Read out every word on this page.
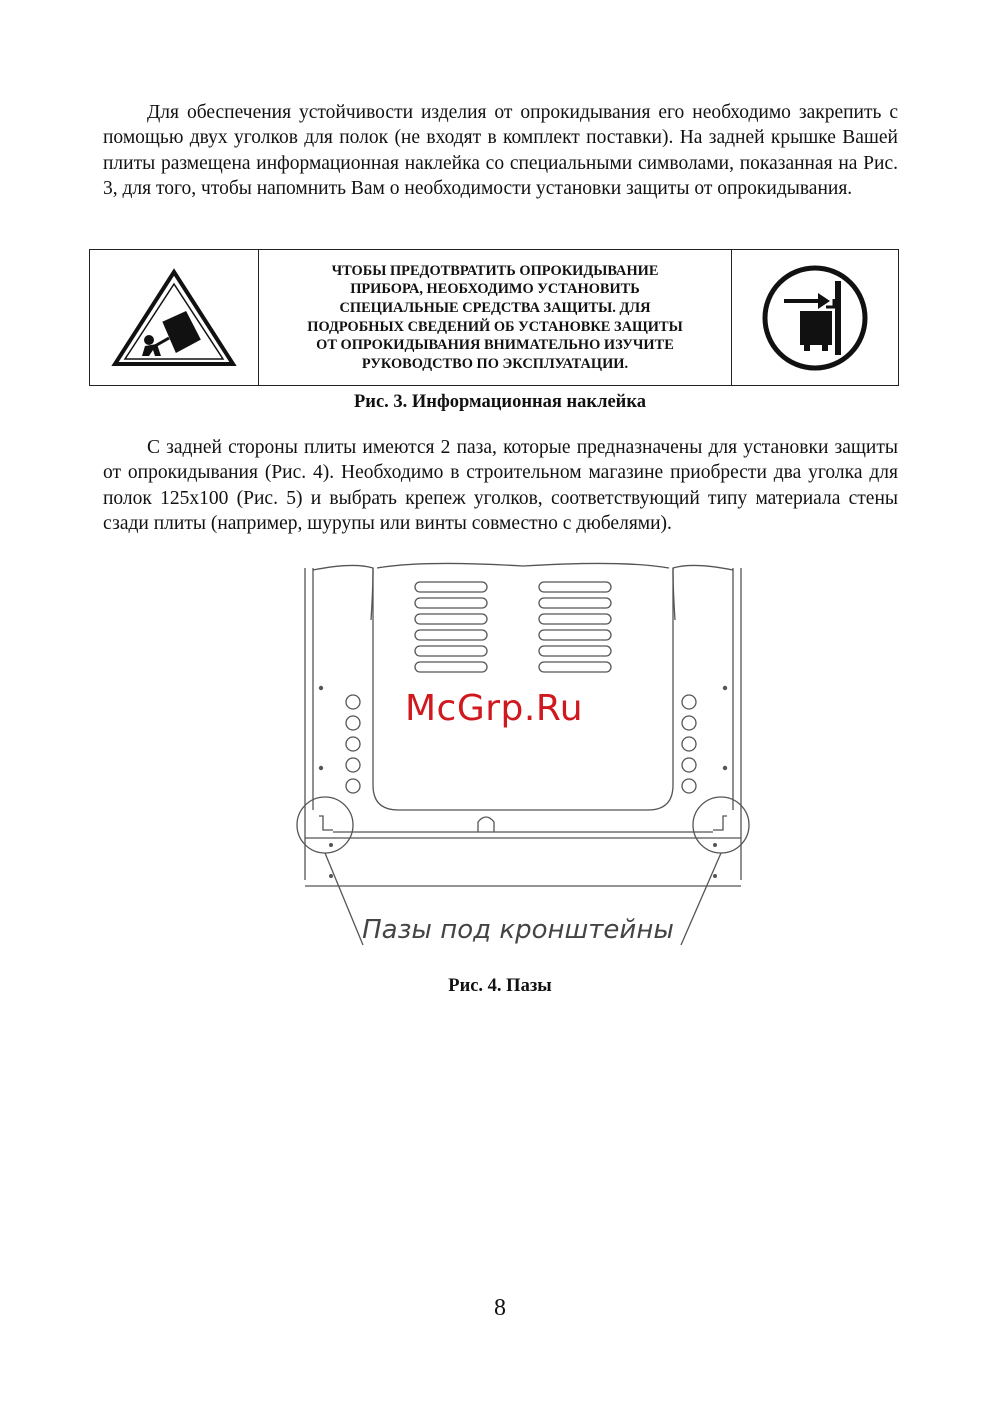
Для обеспечения устойчивости изделия от опрокидывания его необходимо закрепить с помощью двух уголков для полок (не входят в комплект поставки). На задней крышке Вашей плиты размещена информационная наклейка со специальными символами, показанная на Рис. 3, для того, чтобы напомнить Вам о необходимости установки защиты от опрокидывания.

ЧТОБЫ ПРЕДОТВРАТИТЬ ОПРОКИДЫВАНИЕ
ПРИБОРА, НЕОБХОДИМО УСТАНОВИТЬ
СПЕЦИАЛЬНЫЕ СРЕДСТВА ЗАЩИТЫ. ДЛЯ
ПОДРОБНЫХ СВЕДЕНИЙ ОБ УСТАНОВКЕ ЗАЩИТЫ
ОТ ОПРОКИДЫВАНИЯ ВНИМАТЕЛЬНО ИЗУЧИТЕ
РУКОВОДСТВО ПО ЭКСПЛУАТАЦИИ.
Рис. 3. Информационная наклейка

С задней стороны плиты имеются 2 паза, которые предназначены для установки защиты от опрокидывания (Рис. 4). Необходимо в строительном магазине приобрести два уголка для полок 125х100 (Рис. 5) и выбрать крепеж уголков, соответствующий типу материала стены сзади плиты (например, шурупы или винты совместно с дюбелями).

Пазы под кронштейны
McGrp.Ru
Рис. 4. Пазы
8
